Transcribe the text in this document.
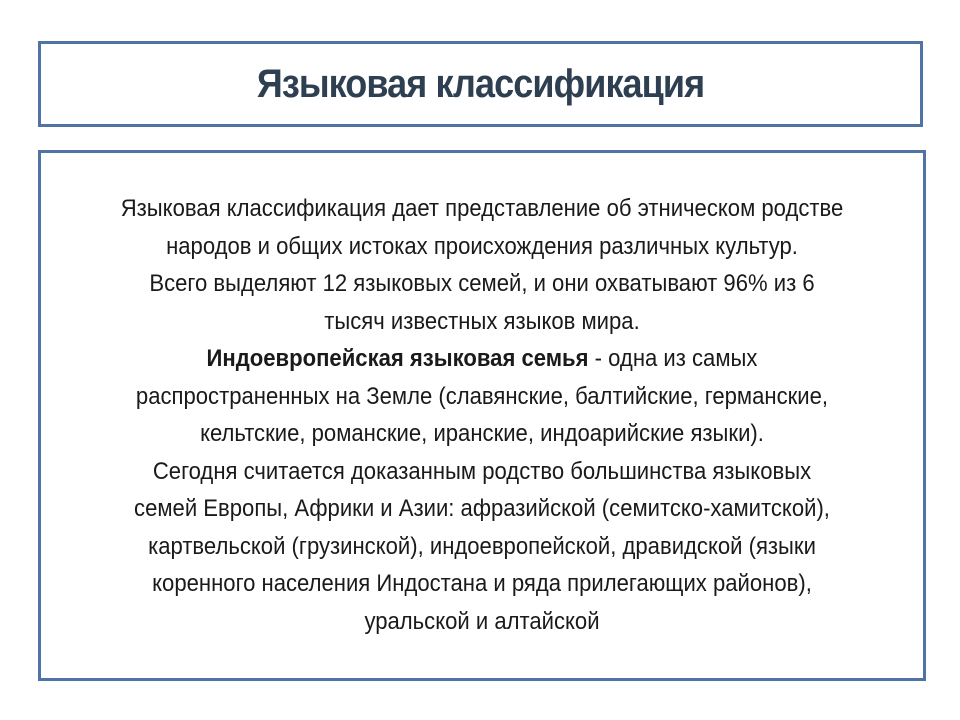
Языковая классификация
Языковая классификация дает представление об этническом родстве
народов и общих истоках происхождения различных культур.
Всего выделяют 12 языковых семей, и они охватывают 96% из 6
тысяч известных языков мира.
Индоевропейская языковая семья - одна из самых
распространенных на Земле (славянские, балтийские, германские,
кельтские, романские, иранские, индоарийские языки).
Сегодня считается доказанным родство большинства языковых
семей Европы, Африки и Азии: афразийской (семитско-хамитской),
картвельской (грузинской), индоевропейской, дравидской (языки
коренного населения Индостана и ряда прилегающих районов),
уральской и алтайской
